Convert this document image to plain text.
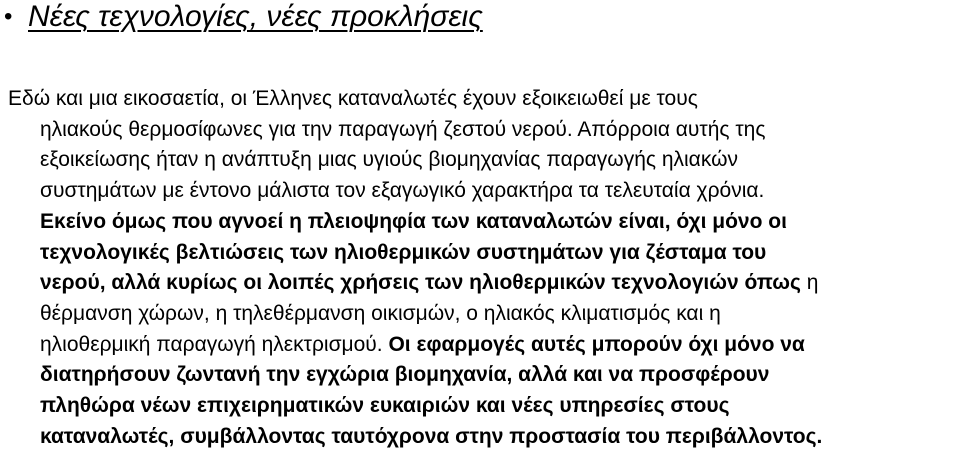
• Νέες τεχνολογίες, νέες προκλήσεις
Εδώ και μια εικοσαετία, οι Έλληνες καταναλωτές έχουν εξοικειωθεί με τους
ηλιακούς θερμοσίφωνες για την παραγωγή ζεστού νερού. Απόρροια αυτής της
εξοικείωσης ήταν η ανάπτυξη μιας υγιούς βιομηχανίας παραγωγής ηλιακών
συστημάτων με έντονο μάλιστα τον εξαγωγικό χαρακτήρα τα τελευταία χρόνια.
Εκείνο όμως που αγνοεί η πλειοψηφία των καταναλωτών είναι, όχι μόνο οι
τεχνολογικές βελτιώσεις των ηλιοθερμικών συστημάτων για ζέσταμα του
νερού, αλλά κυρίως οι λοιπές χρήσεις των ηλιοθερμικών τεχνολογιών όπως η
θέρμανση χώρων, η τηλεθέρμανση οικισμών, ο ηλιακός κλιματισμός και η
ηλιοθερμική παραγωγή ηλεκτρισμού. Οι εφαρμογές αυτές μπορούν όχι μόνο να
διατηρήσουν ζωντανή την εγχώρια βιομηχανία, αλλά και να προσφέρουν
πληθώρα νέων επιχειρηματικών ευκαιριών και νέες υπηρεσίες στους
καταναλωτές, συμβάλλοντας ταυτόχρονα στην προστασία του περιβάλλοντος.
